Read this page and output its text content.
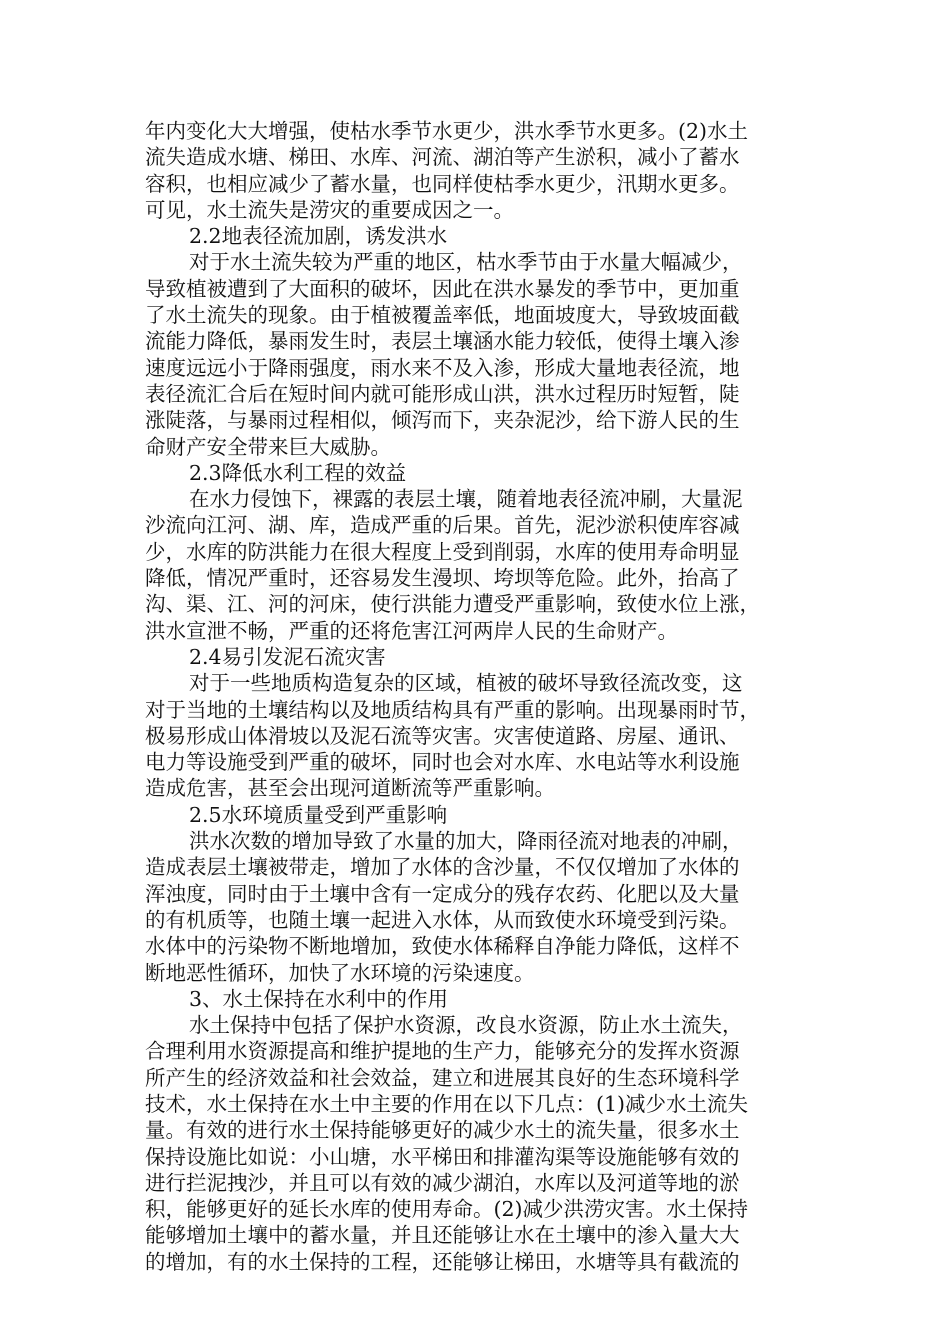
年内变化大大增强，使枯水季节水更少，洪水季节水更多。(2)水土
流失造成水塘、梯田、水库、河流、湖泊等产生淤积，减小了蓄水
容积，也相应减少了蓄水量，也同样使枯季水更少，汛期水更多。
可见，水土流失是涝灾的重要成因之一。
2.2地表径流加剧，诱发洪水
对于水土流失较为严重的地区，枯水季节由于水量大幅减少，
导致植被遭到了大面积的破坏，因此在洪水暴发的季节中，更加重
了水土流失的现象。由于植被覆盖率低，地面坡度大，导致坡面截
流能力降低，暴雨发生时，表层土壤涵水能力较低，使得土壤入渗
速度远远小于降雨强度，雨水来不及入渗，形成大量地表径流，地
表径流汇合后在短时间内就可能形成山洪，洪水过程历时短暂，陡
涨陡落，与暴雨过程相似，倾泻而下，夹杂泥沙，给下游人民的生
命财产安全带来巨大威胁。
2.3降低水利工程的效益
在水力侵蚀下，裸露的表层土壤，随着地表径流冲刷，大量泥
沙流向江河、湖、库，造成严重的后果。首先，泥沙淤积使库容减
少，水库的防洪能力在很大程度上受到削弱，水库的使用寿命明显
降低，情况严重时，还容易发生漫坝、垮坝等危险。此外，抬高了
沟、渠、江、河的河床，使行洪能力遭受严重影响，致使水位上涨，
洪水宣泄不畅，严重的还将危害江河两岸人民的生命财产。
2.4易引发泥石流灾害
对于一些地质构造复杂的区域，植被的破坏导致径流改变，这
对于当地的土壤结构以及地质结构具有严重的影响。出现暴雨时节，
极易形成山体滑坡以及泥石流等灾害。灾害使道路、房屋、通讯、
电力等设施受到严重的破坏，同时也会对水库、水电站等水利设施
造成危害，甚至会出现河道断流等严重影响。
2.5水环境质量受到严重影响
洪水次数的增加导致了水量的加大，降雨径流对地表的冲刷，
造成表层土壤被带走，增加了水体的含沙量，不仅仅增加了水体的
浑浊度，同时由于土壤中含有一定成分的残存农药、化肥以及大量
的有机质等，也随土壤一起进入水体，从而致使水环境受到污染。
水体中的污染物不断地增加，致使水体稀释自净能力降低，这样不
断地恶性循环，加快了水环境的污染速度。
3、水土保持在水利中的作用
水土保持中包括了保护水资源，改良水资源，防止水土流失，
合理利用水资源提高和维护提地的生产力，能够充分的发挥水资源
所产生的经济效益和社会效益，建立和进展其良好的生态环境科学
技术，水土保持在水土中主要的作用在以下几点：(1)减少水土流失
量。有效的进行水土保持能够更好的减少水土的流失量，很多水土
保持设施比如说：小山塘，水平梯田和排灌沟渠等设施能够有效的
进行拦泥拽沙，并且可以有效的减少湖泊，水库以及河道等地的淤
积，能够更好的延长水库的使用寿命。(2)减少洪涝灾害。水土保持
能够增加土壤中的蓄水量，并且还能够让水在土壤中的渗入量大大
的增加，有的水土保持的工程，还能够让梯田，水塘等具有截流的
